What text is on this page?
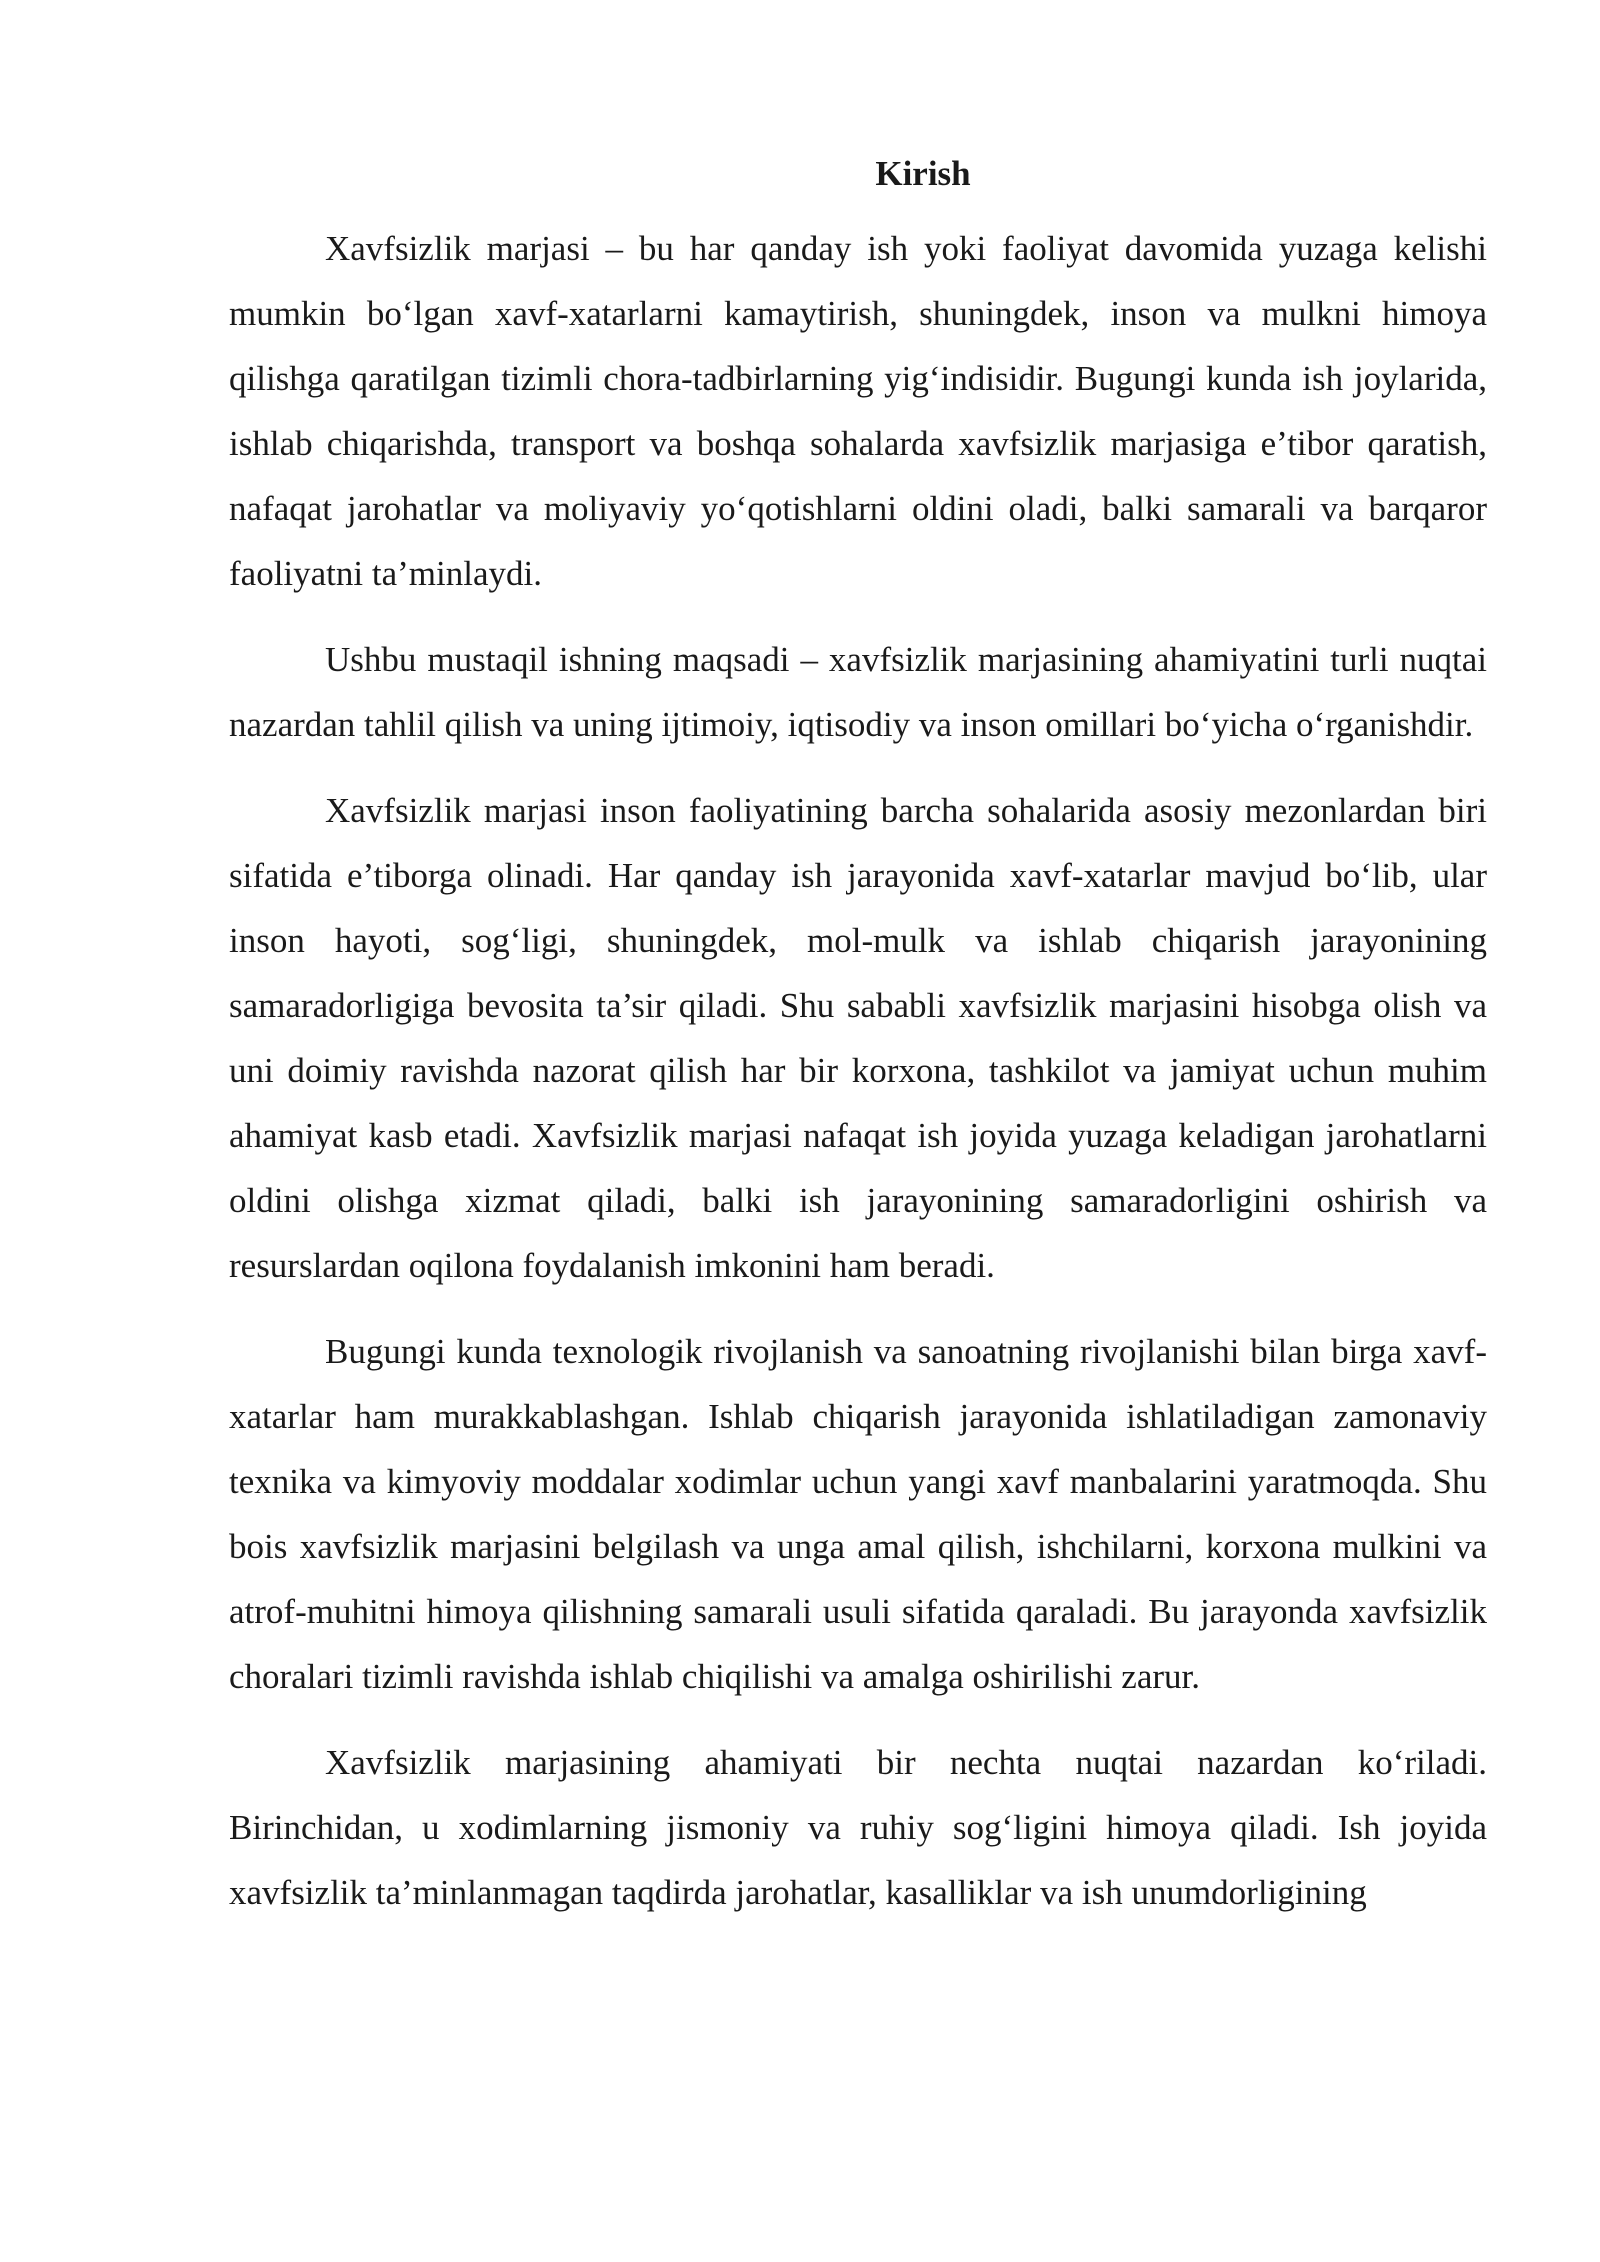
Kirish

Xavfsizlik marjasi – bu har qanday ish yoki faoliyat davomida yuzaga kelishi mumkin bo‘lgan xavf-xatarlarni kamaytirish, shuningdek, inson va mulkni himoya qilishga qaratilgan tizimli chora-tadbirlarning yig‘indisidir. Bugungi kunda ish joylarida, ishlab chiqarishda, transport va boshqa sohalarda xavfsizlik marjasiga e’tibor qaratish, nafaqat jarohatlar va moliyaviy yo‘qotishlarni oldini oladi, balki samarali va barqaror faoliyatni ta’minlaydi.

Ushbu mustaqil ishning maqsadi – xavfsizlik marjasining ahamiyatini turli nuqtai nazardan tahlil qilish va uning ijtimoiy, iqtisodiy va inson omillari bo‘yicha o‘rganishdir.

Xavfsizlik marjasi inson faoliyatining barcha sohalarida asosiy mezonlardan biri sifatida e’tiborga olinadi. Har qanday ish jarayonida xavf-xatarlar mavjud bo‘lib, ular inson hayoti, sog‘ligi, shuningdek, mol-mulk va ishlab chiqarish jarayonining samaradorligiga bevosita ta’sir qiladi. Shu sababli xavfsizlik marjasini hisobga olish va uni doimiy ravishda nazorat qilish har bir korxona, tashkilot va jamiyat uchun muhim ahamiyat kasb etadi. Xavfsizlik marjasi nafaqat ish joyida yuzaga keladigan jarohatlarni oldini olishga xizmat qiladi, balki ish jarayonining samaradorligini oshirish va resurslardan oqilona foydalanish imkonini ham beradi.

Bugungi kunda texnologik rivojlanish va sanoatning rivojlanishi bilan birga xavf-xatarlar ham murakkablashgan. Ishlab chiqarish jarayonida ishlatiladigan zamonaviy texnika va kimyoviy moddalar xodimlar uchun yangi xavf manbalarini yaratmoqda. Shu bois xavfsizlik marjasini belgilash va unga amal qilish, ishchilarni, korxona mulkini va atrof-muhitni himoya qilishning samarali usuli sifatida qaraladi. Bu jarayonda xavfsizlik choralari tizimli ravishda ishlab chiqilishi va amalga oshirilishi zarur.

Xavfsizlik marjasining ahamiyati bir nechta nuqtai nazardan ko‘riladi. Birinchidan, u xodimlarning jismoniy va ruhiy sog‘ligini himoya qiladi. Ish joyida xavfsizlik ta’minlanmagan taqdirda jarohatlar, kasalliklar va ish unumdorligining
